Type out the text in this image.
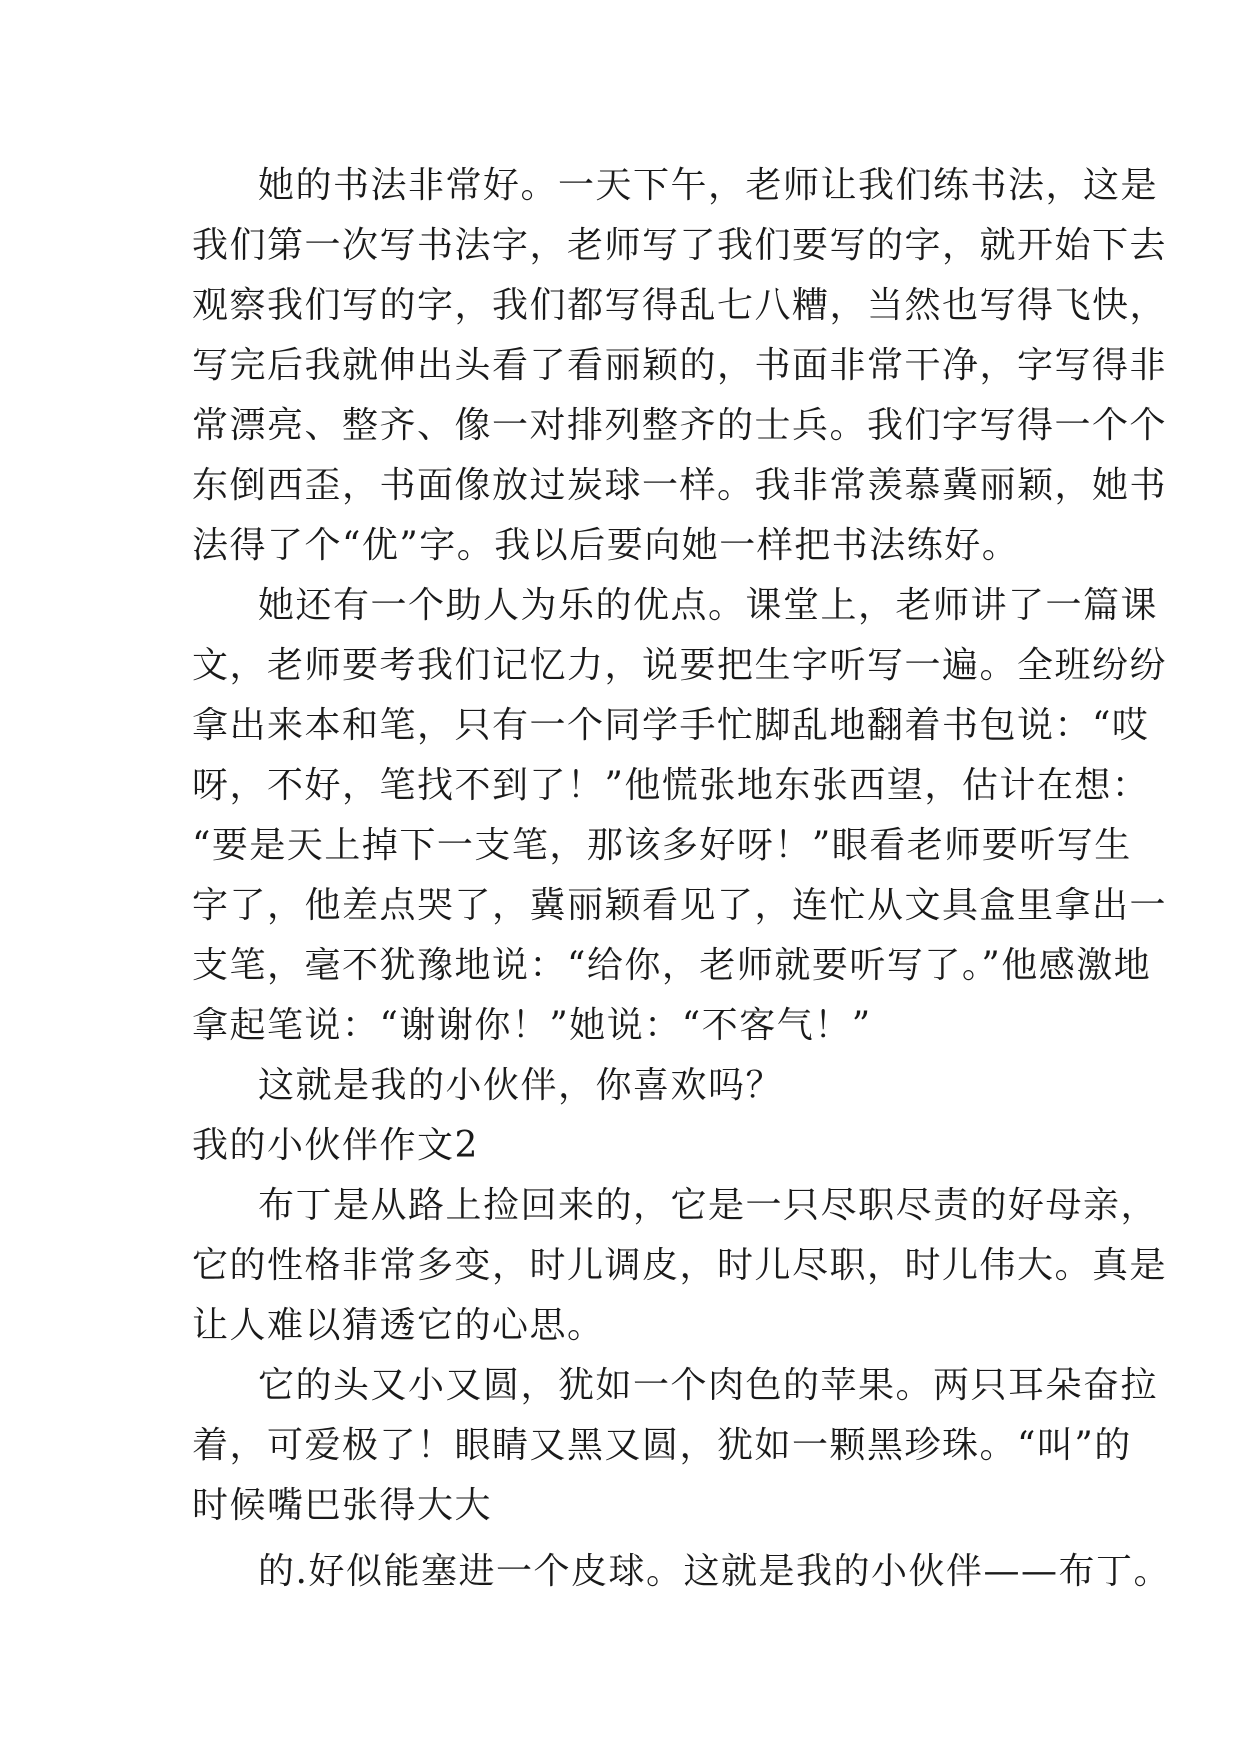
她的书法非常好。一天下午，老师让我们练书法，这是

我们第一次写书法字，老师写了我们要写的字，就开始下去

观察我们写的字，我们都写得乱七八糟，当然也写得飞快，

写完后我就伸出头看了看丽颖的，书面非常干净，字写得非

常漂亮、整齐、像一对排列整齐的士兵。我们字写得一个个

东倒西歪，书面像放过炭球一样。我非常羡慕冀丽颖，她书

法得了个“优”字。我以后要向她一样把书法练好。

她还有一个助人为乐的优点。课堂上，老师讲了一篇课

文，老师要考我们记忆力，说要把生字听写一遍。全班纷纷

拿出来本和笔，只有一个同学手忙脚乱地翻着书包说：“哎

呀，不好，笔找不到了！”他慌张地东张西望，估计在想：

“要是天上掉下一支笔，那该多好呀！”眼看老师要听写生

字了，他差点哭了，冀丽颖看见了，连忙从文具盒里拿出一

支笔，毫不犹豫地说：“给你，老师就要听写了。”他感激地

拿起笔说：“谢谢你！”她说：“不客气！”

这就是我的小伙伴，你喜欢吗？

我的小伙伴作文2

布丁是从路上捡回来的，它是一只尽职尽责的好母亲，

它的性格非常多变，时儿调皮，时儿尽职，时儿伟大。真是

让人难以猜透它的心思。

它的头又小又圆，犹如一个肉色的苹果。两只耳朵奋拉

着，可爱极了！眼睛又黑又圆，犹如一颗黑珍珠。“叫”的

时候嘴巴张得大大

的.好似能塞进一个皮球。这就是我的小伙伴——布丁。
